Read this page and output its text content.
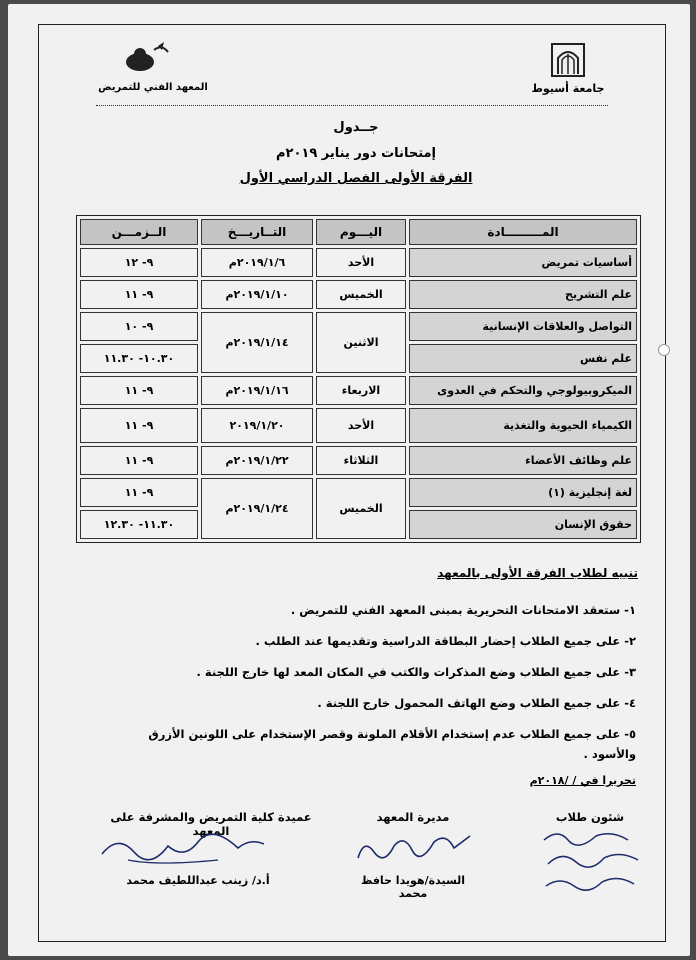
جامعة أسيوط
المعهد الفني للتمريض
جــدول
إمتحانات دور يناير ٢٠١٩م
الفرقة الأولى الفصل الدراسي الأول
المـــــــــادة	اليـــوم	التــاريـــخ	الــزمـــن
أساسيات تمريض	الأحد	٢٠١٩/١/٦م	٩- ١٢
علم التشريح	الخميس	٢٠١٩/١/١٠م	٩- ١١
التواصل والعلاقات الإنسانية	الاثنين	٢٠١٩/١/١٤م	٩- ١٠
علم نفس			١٠.٣٠- ١١.٣٠
الميكروبيولوجي والتحكم في العدوى	الاربعاء	٢٠١٩/١/١٦م	٩- ١١
الكيمياء الحيوية والتغذية	الأحد	٢٠١٩/١/٢٠	٩- ١١
علم وظائف الأعضاء	الثلاثاء	٢٠١٩/١/٢٢م	٩- ١١
لغة إنجليزية (١)	الخميس	٢٠١٩/١/٢٤م	٩- ١١
حقوق الإنسان			١١.٣٠- ١٢.٣٠
تنبيه لطلاب الفرقة الأولى بالمعهد
١- ستعقد الامتحانات التحريرية بمبنى المعهد الفني للتمريض .
٢- على جميع الطلاب إحضار البطاقة الدراسية وتقديمها عند الطلب .
٣- على جميع الطلاب وضع المذكرات والكتب في المكان المعد لها خارج اللجنة .
٤- على جميع الطلاب وضع الهاتف المحمول خارج اللجنة .
٥- على جميع الطلاب عدم إستخدام الأقلام الملونة وقصر الإستخدام على اللونين الأزرق والأسود .
تحريرا في / /٢٠١٨م
شئون طلاب
مديرة المعهد
عميدة كلية التمريض والمشرفة على المعهد
السيدة/هويدا حافظ محمد
أ.د/ زينب عبداللطيف محمد
